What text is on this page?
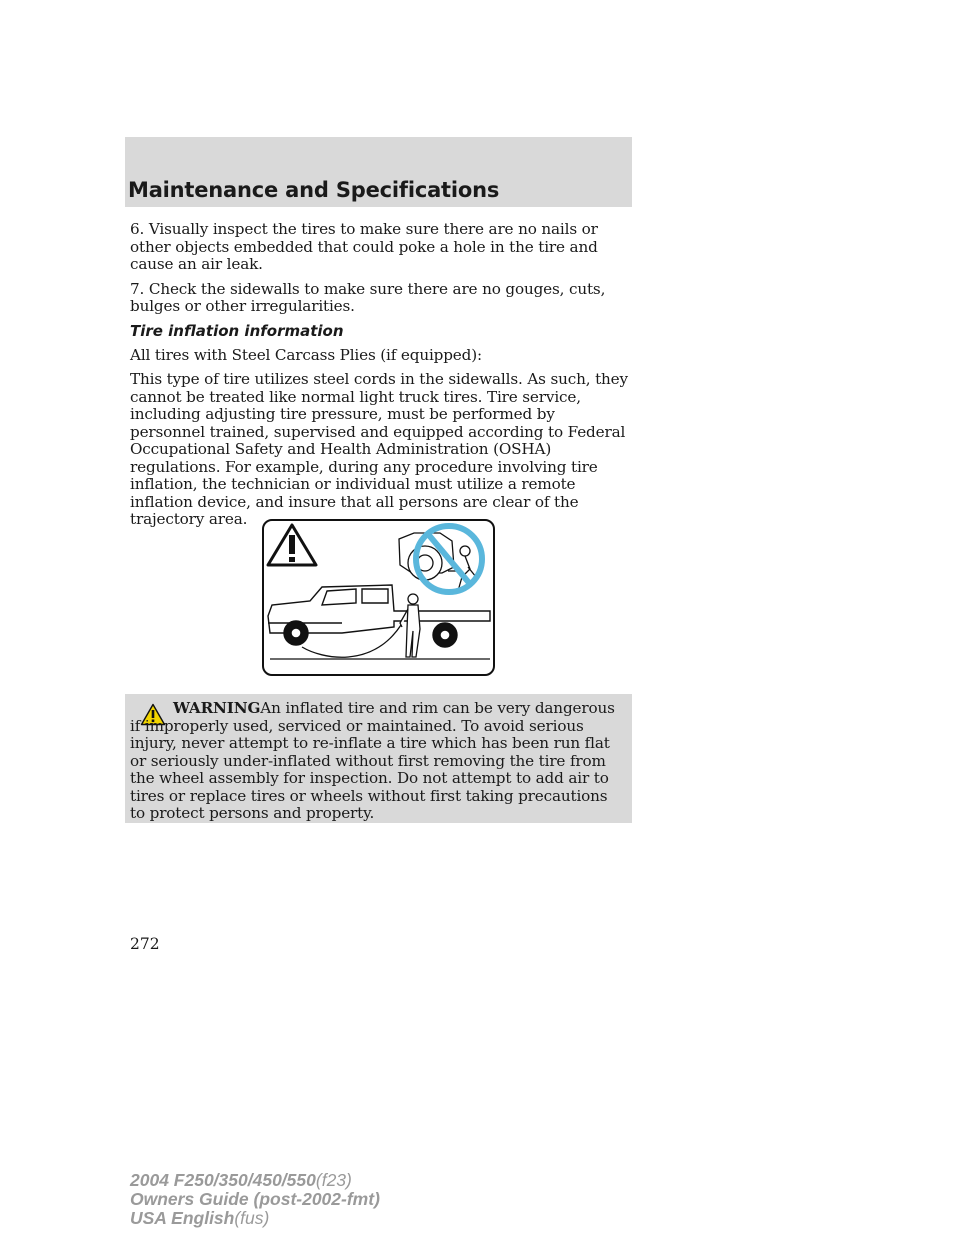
Maintenance and Specifications

6. Visually inspect the tires to make sure there are no nails or other objects embedded that could poke a hole in the tire and cause an air leak.

7. Check the sidewalls to make sure there are no gouges, cuts, bulges or other irregularities.

Tire inflation information

All tires with Steel Carcass Plies (if equipped):

This type of tire utilizes steel cords in the sidewalls. As such, they cannot be treated like normal light truck tires. Tire service, including adjusting tire pressure, must be performed by personnel trained, supervised and equipped according to Federal Occupational Safety and Health Administration (OSHA) regulations. For example, during any procedure involving tire inflation, the technician or individual must utilize a remote inflation device, and insure that all persons are clear of the trajectory area.

WARNINGAn inflated tire and rim can be very dangerous if improperly used, serviced or maintained. To avoid serious injury, never attempt to re-inflate a tire which has been run flat or seriously under-inflated without first removing the tire from the wheel assembly for inspection. Do not attempt to add air to tires or replace tires or wheels without first taking precautions to protect persons and property.

272

2004 F250/350/450/550(f23)
Owners Guide (post-2002-fmt)
USA English(fus)
